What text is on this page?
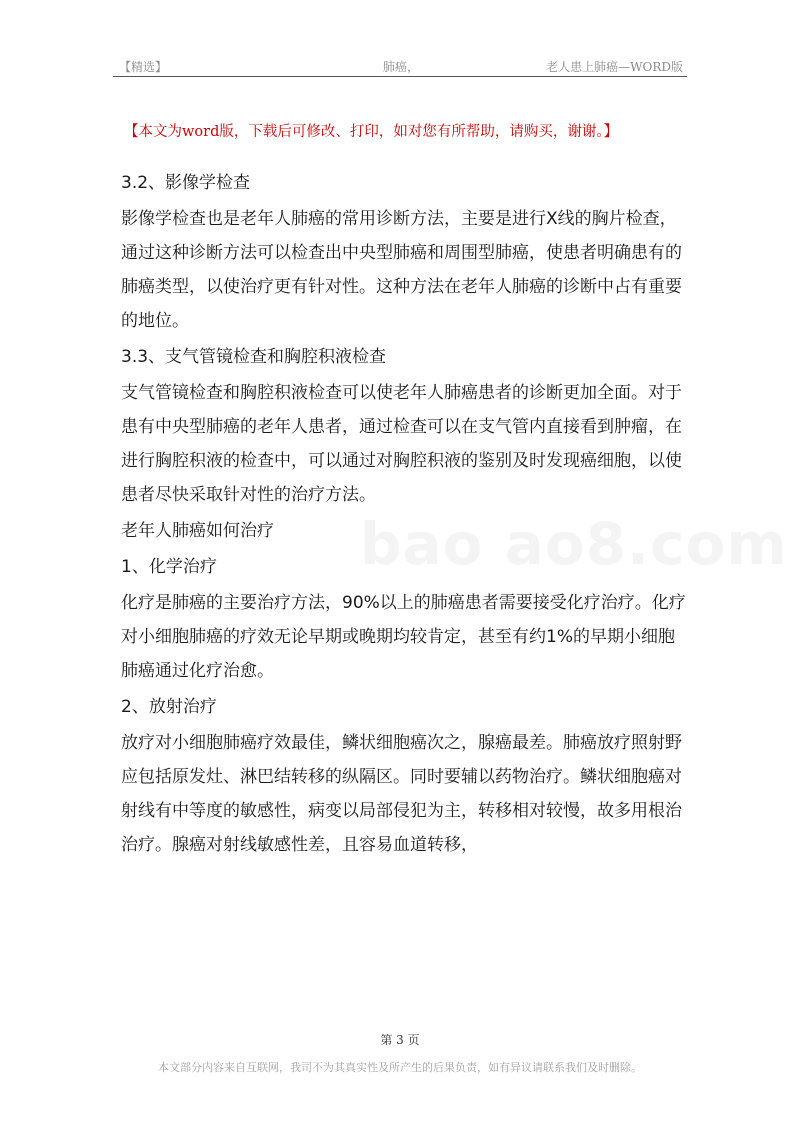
【精选】	肺癌，	老人患上肺癌—WORD版
【本文为word版，下载后可修改、打印，如对您有所帮助，请购买，谢谢。】

3.2、影像学检查

影像学检查也是老年人肺癌的常用诊断方法，主要是进行X线的胸片检查，通过这种诊断方法可以检查出中央型肺癌和周围型肺癌，使患者明确患有的肺癌类型，以使治疗更有针对性。这种方法在老年人肺癌的诊断中占有重要的地位。

3.3、支气管镜检查和胸腔积液检查

支气管镜检查和胸腔积液检查可以使老年人肺癌患者的诊断更加全面。对于患有中央型肺癌的老年人患者，通过检查可以在支气管内直接看到肿瘤，在进行胸腔积液的检查中，可以通过对胸腔积液的鉴别及时发现癌细胞，以使患者尽快采取针对性的治疗方法。

老年人肺癌如何治疗

1、化学治疗

化疗是肺癌的主要治疗方法，90%以上的肺癌患者需要接受化疗治疗。化疗对小细胞肺癌的疗效无论早期或晚期均较肯定，甚至有约1%的早期小细胞肺癌通过化疗治愈。

2、放射治疗

放疗对小细胞肺癌疗效最佳，鳞状细胞癌次之，腺癌最差。肺癌放疗照射野应包括原发灶、淋巴结转移的纵隔区。同时要辅以药物治疗。鳞状细胞癌对射线有中等度的敏感性，病变以局部侵犯为主，转移相对较慢，故多用根治治疗。腺癌对射线敏感性差，且容易血道转移，

第 3 页
本文部分内容来自互联网，我司不为其真实性及所产生的后果负责，如有异议请联系我们及时删除。
